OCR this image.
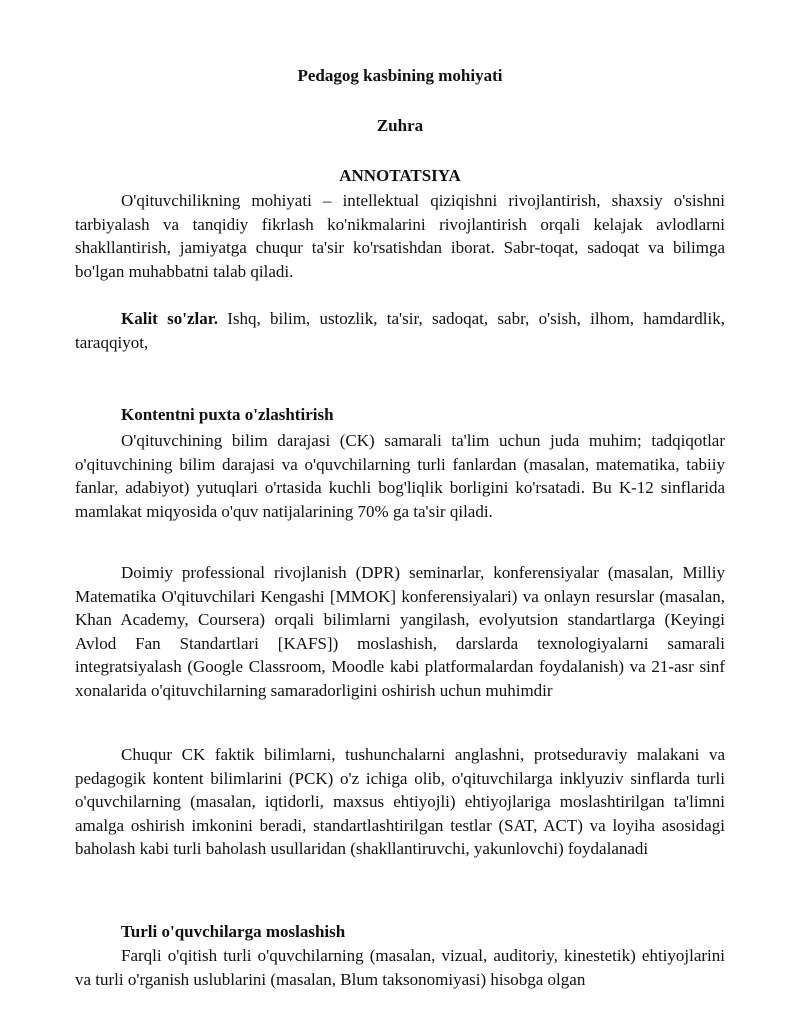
Pedagog kasbining mohiyati
Zuhra
ANNOTATSIYA

O'qituvchilikning mohiyati – intellektual qiziqishni rivojlantirish, shaxsiy o'sishni tarbiyalash va tanqidiy fikrlash ko'nikmalarini rivojlantirish orqali kelajak avlodlarni shakllantirish, jamiyatga chuqur ta'sir ko'rsatishdan iborat. Sabr-toqat, sadoqat va bilimga bo'lgan muhabbatni talab qiladi.

Kalit so'zlar. Ishq, bilim, ustozlik, ta'sir, sadoqat, sabr, o'sish, ilhom, hamdardlik, taraqqiyot,

Kontentni puxta o'zlashtirish

O'qituvchining bilim darajasi (CK) samarali ta'lim uchun juda muhim; tadqiqotlar o'qituvchining bilim darajasi va o'quvchilarning turli fanlardan (masalan, matematika, tabiiy fanlar, adabiyot) yutuqlari o'rtasida kuchli bog'liqlik borligini ko'rsatadi. Bu K-12 sinflarida mamlakat miqyosida o'quv natijalarining 70% ga ta'sir qiladi.

Doimiy professional rivojlanish (DPR) seminarlar, konferensiyalar (masalan, Milliy Matematika O'qituvchilari Kengashi [MMOK] konferensiyalari) va onlayn resurslar (masalan, Khan Academy, Coursera) orqali bilimlarni yangilash, evolyutsion standartlarga (Keyingi Avlod Fan Standartlari [KAFS]) moslashish, darslarda texnologiyalarni samarali integratsiyalash (Google Classroom, Moodle kabi platformalardan foydalanish) va 21-asr sinf xonalarida o'qituvchilarning samaradorligini oshirish uchun muhimdir

Chuqur CK faktik bilimlarni, tushunchalarni anglashni, protseduraviy malakani va pedagogik kontent bilimlarini (PCK) o'z ichiga olib, o'qituvchilarga inklyuziv sinflarda turli o'quvchilarning (masalan, iqtidorli, maxsus ehtiyojli) ehtiyojlariga moslashtirilgan ta'limni amalga oshirish imkonini beradi, standartlashtirilgan testlar (SAT, ACT) va loyiha asosidagi baholash kabi turli baholash usullaridan (shakllantiruvchi, yakunlovchi) foydalanadi

Turli o'quvchilarga moslashish

Farqli o'qitish turli o'quvchilarning (masalan, vizual, auditoriy, kinestetik) ehtiyojlarini va turli o'rganish uslublarini (masalan, Blum taksonomiyasi) hisobga olgan
